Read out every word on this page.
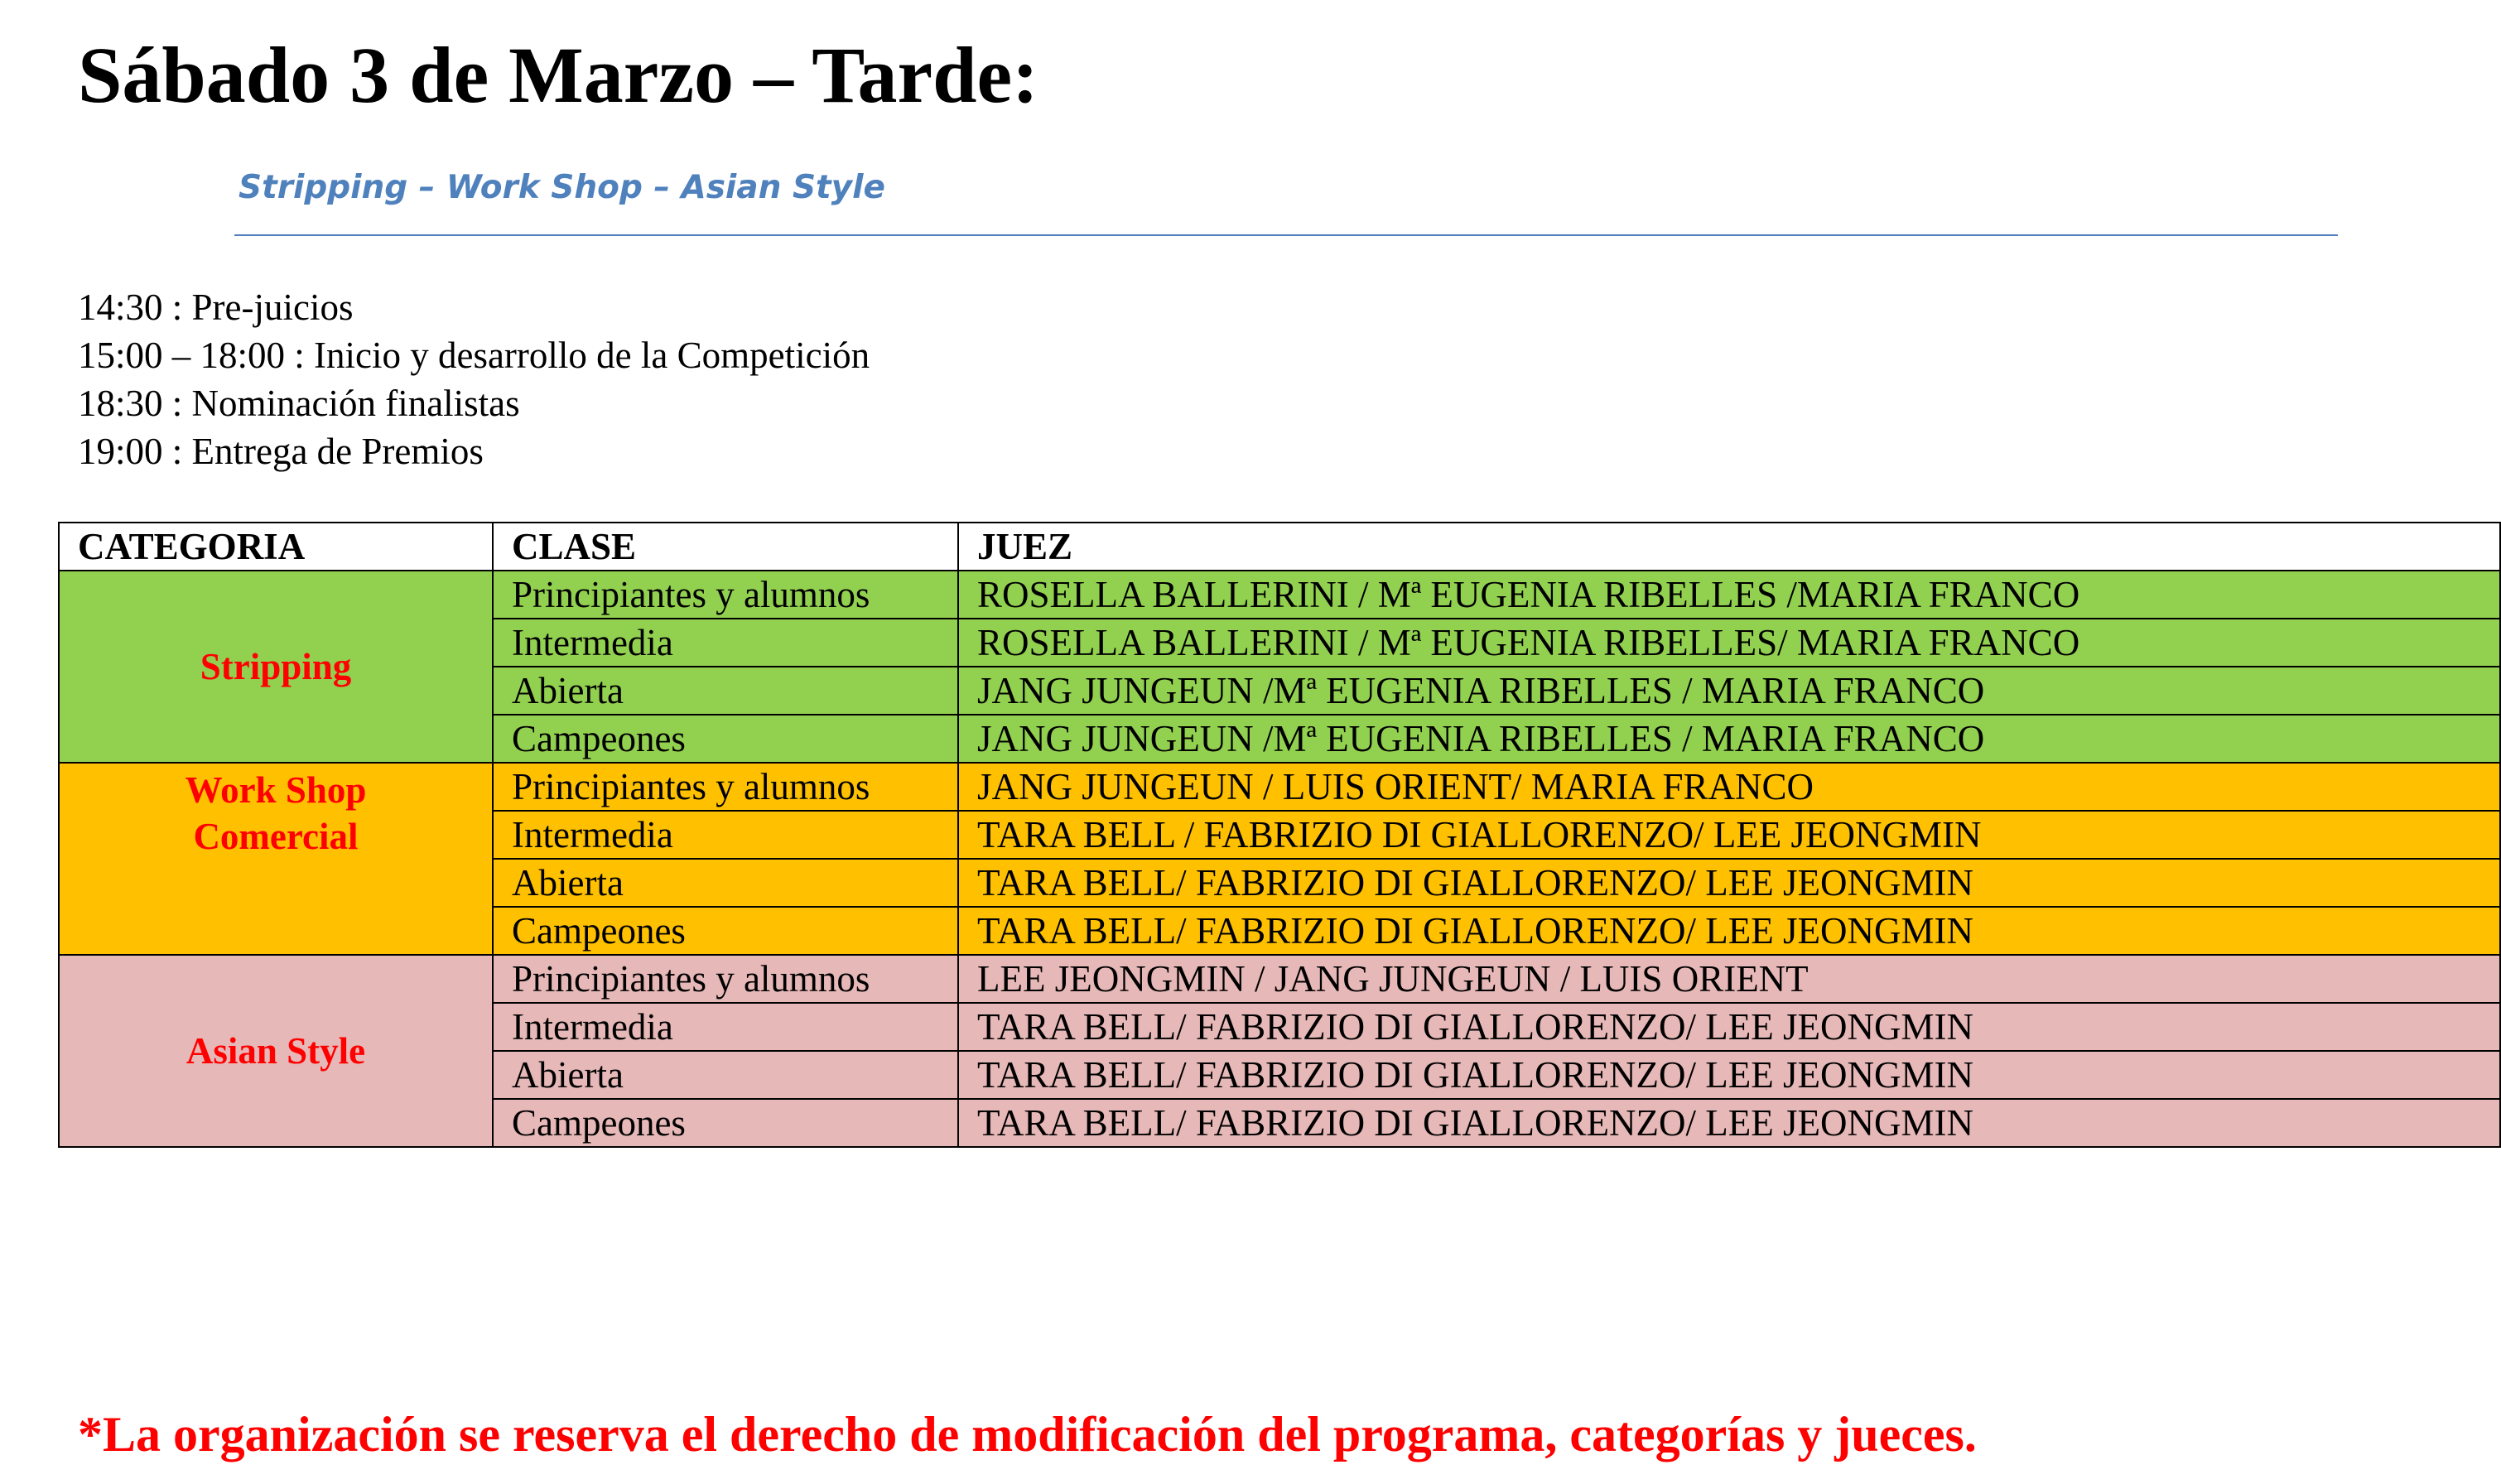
Sábado 3 de Marzo – Tarde:
Stripping – Work Shop – Asian Style
14:30 : Pre-juicios
15:00 – 18:00 : Inicio y desarrollo de la Competición
18:30 : Nominación finalistas
19:00 : Entrega de Premios
CATEGORIA	CLASE	JUEZ

Stripping	Principiantes y alumnos	ROSELLA BALLERINI / Mª EUGENIA RIBELLES /MARIA FRANCO
	Intermedia	ROSELLA BALLERINI / Mª EUGENIA RIBELLES/ MARIA FRANCO
	Abierta	JANG JUNGEUN /Mª EUGENIA RIBELLES / MARIA FRANCO
	Campeones	JANG JUNGEUN /Mª EUGENIA RIBELLES / MARIA FRANCO

Work Shop
Comercial	Principiantes y alumnos	JANG JUNGEUN / LUIS ORIENT/ MARIA FRANCO
	Intermedia	TARA BELL / FABRIZIO DI GIALLORENZO/ LEE JEONGMIN
	Abierta	TARA BELL/ FABRIZIO DI GIALLORENZO/ LEE JEONGMIN
	Campeones	TARA BELL/ FABRIZIO DI GIALLORENZO/ LEE JEONGMIN

Asian Style	Principiantes y alumnos	LEE JEONGMIN / JANG JUNGEUN / LUIS ORIENT
	Intermedia	TARA BELL/ FABRIZIO DI GIALLORENZO/ LEE JEONGMIN
	Abierta	TARA BELL/ FABRIZIO DI GIALLORENZO/ LEE JEONGMIN
	Campeones	TARA BELL/ FABRIZIO DI GIALLORENZO/ LEE JEONGMIN
*La organización se reserva el derecho de modificación del programa, categorías y jueces.
